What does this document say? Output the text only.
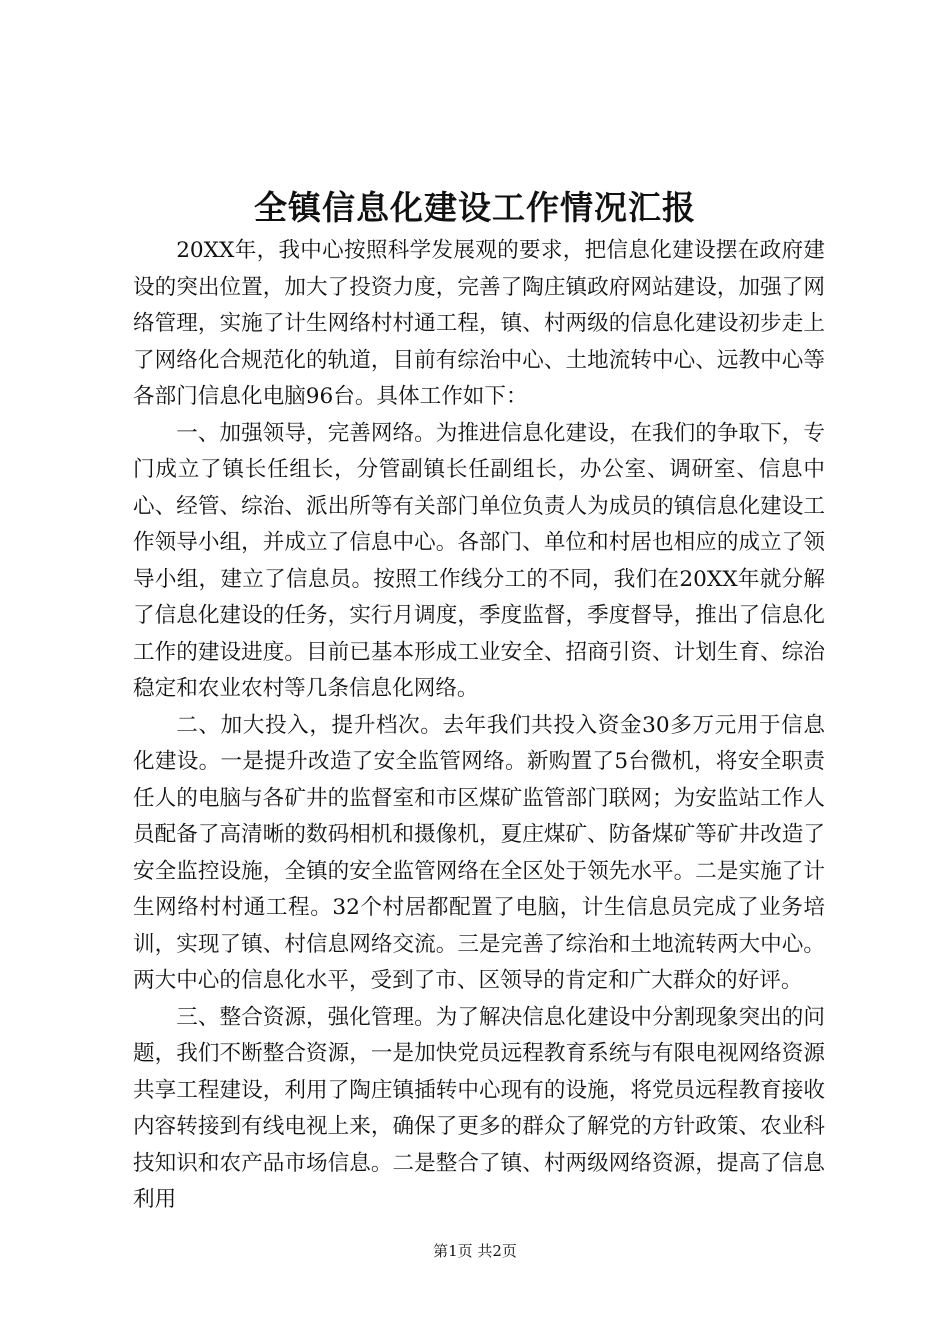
全镇信息化建设工作情况汇报

20XX年，我中心按照科学发展观的要求，把信息化建设摆在政府建设的突出位置，加大了投资力度，完善了陶庄镇政府网站建设，加强了网络管理，实施了计生网络村村通工程，镇、村两级的信息化建设初步走上了网络化合规范化的轨道，目前有综治中心、土地流转中心、远教中心等各部门信息化电脑96台。具体工作如下：

一、加强领导，完善网络。为推进信息化建设，在我们的争取下，专门成立了镇长任组长，分管副镇长任副组长，办公室、调研室、信息中心、经管、综治、派出所等有关部门单位负责人为成员的镇信息化建设工作领导小组，并成立了信息中心。各部门、单位和村居也相应的成立了领导小组，建立了信息员。按照工作线分工的不同，我们在20XX年就分解了信息化建设的任务，实行月调度，季度监督，季度督导，推出了信息化工作的建设进度。目前已基本形成工业安全、招商引资、计划生育、综治稳定和农业农村等几条信息化网络。

二、加大投入，提升档次。去年我们共投入资金30多万元用于信息化建设。一是提升改造了安全监管网络。新购置了5台微机，将安全职责任人的电脑与各矿井的监督室和市区煤矿监管部门联网；为安监站工作人员配备了高清晰的数码相机和摄像机，夏庄煤矿、防备煤矿等矿井改造了安全监控设施，全镇的安全监管网络在全区处于领先水平。二是实施了计生网络村村通工程。32个村居都配置了电脑，计生信息员完成了业务培训，实现了镇、村信息网络交流。三是完善了综治和土地流转两大中心。两大中心的信息化水平，受到了市、区领导的肯定和广大群众的好评。

三、整合资源，强化管理。为了解决信息化建设中分割现象突出的问题，我们不断整合资源，一是加快党员远程教育系统与有限电视网络资源共享工程建设，利用了陶庄镇插转中心现有的设施，将党员远程教育接收内容转接到有线电视上来，确保了更多的群众了解党的方针政策、农业科技知识和农产品市场信息。二是整合了镇、村两级网络资源，提高了信息利用

第1页 共2页
